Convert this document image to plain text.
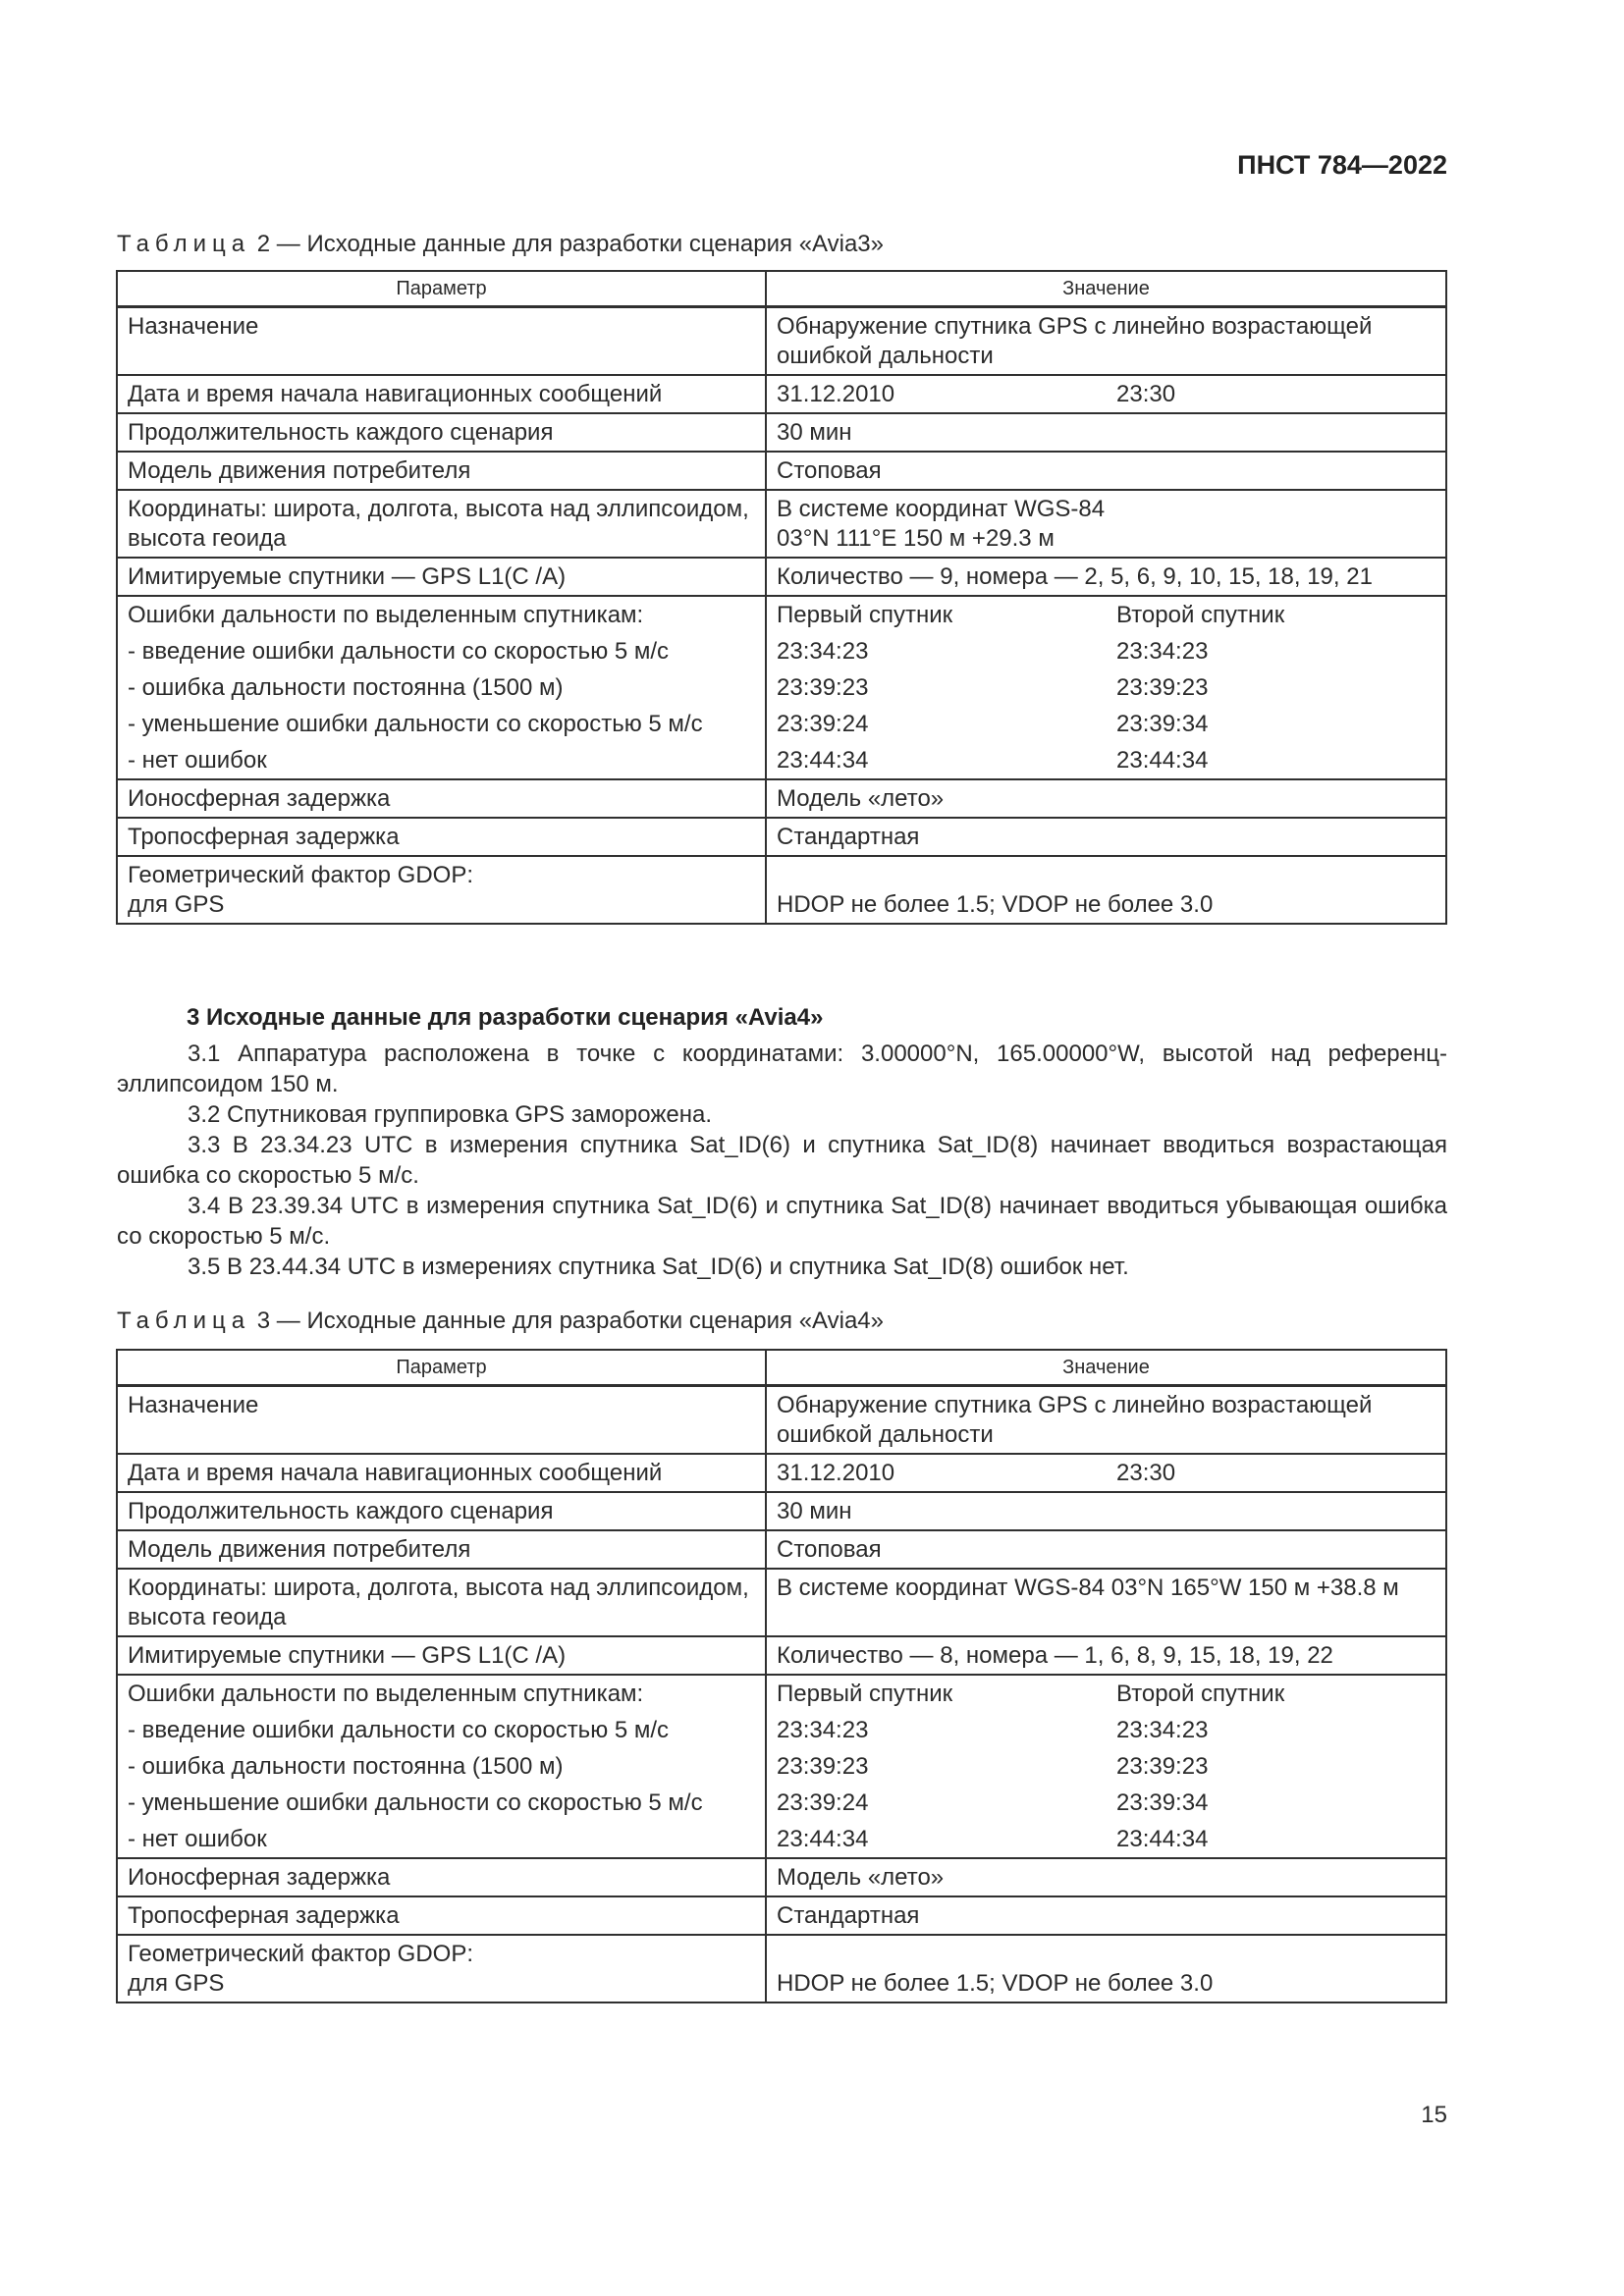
ПНСТ 784—2022
Таблица 2 — Исходные данные для разработки сценария «Avia3»
Параметр	Значение
Назначение	Обнаружение спутника GPS с линейно возрастающей ошибкой дальности
Дата и время начала навигационных сообщений	31.12.2010 23:30

Продолжительность каждого сценария	30 мин
Модель движения потребителя	Стоповая
Координаты: широта, долгота, высота над эллипсоидом, высота геоида	В системе координат WGS-84
03°N 111°E 150 м +29.3 м

Имитируемые спутники — GPS L1(C /A)	Количество — 9, номера — 2, 5, 6, 9, 10, 15, 18, 19, 21
Ошибки дальности по выделенным спутникам:	Первый спутник Второй спутник

- введение ошибки дальности со скоростью 5 м/с	23:34:23 23:34:23

- ошибка дальности постоянна (1500 м)	23:39:23 23:39:23

- уменьшение ошибки дальности со скоростью 5 м/с	23:39:24 23:39:34

- нет ошибок	23:44:34 23:44:34

Ионосферная задержка	Модель «лето»
Тропосферная задержка	Стандартная

Геометрический фактор GDOP:
для GPS	HDOP не более 1.5; VDOP не более 3.0
3 Исходные данные для разработки сценария «Avia4»
3.1 Аппаратура расположена в точке с координатами: 3.00000°N, 165.00000°W, высотой над референц-эллипсоидом 150 м.
3.2 Спутниковая группировка GPS заморожена.
3.3 В 23.34.23 UTC в измерения спутника Sat_ID(6) и спутника Sat_ID(8) начинает вводиться возрастающая ошибка со скоростью 5 м/с.
3.4 В 23.39.34 UTC в измерения спутника Sat_ID(6) и спутника Sat_ID(8) начинает вводиться убывающая ошибка со скоростью 5 м/с.
3.5 В 23.44.34 UTC в измерениях спутника Sat_ID(6) и спутника Sat_ID(8) ошибок нет.
Таблица 3 — Исходные данные для разработки сценария «Avia4»
Параметр	Значение
Назначение	Обнаружение спутника GPS с линейно возрастающей ошибкой дальности
Дата и время начала навигационных сообщений	31.12.2010 23:30

Продолжительность каждого сценария	30 мин
Модель движения потребителя	Стоповая
Координаты: широта, долгота, высота над эллипсоидом, высота геоида	В системе координат WGS-84 03°N 165°W 150 м +38.8 м
Имитируемые спутники — GPS L1(C /A)	Количество — 8, номера — 1, 6, 8, 9, 15, 18, 19, 22
Ошибки дальности по выделенным спутникам:	Первый спутник Второй спутник

- введение ошибки дальности со скоростью 5 м/с	23:34:23 23:34:23

- ошибка дальности постоянна (1500 м)	23:39:23 23:39:23

- уменьшение ошибки дальности со скоростью 5 м/с	23:39:24 23:39:34

- нет ошибок	23:44:34 23:44:34

Ионосферная задержка	Модель «лето»
Тропосферная задержка	Стандартная

Геометрический фактор GDOP:
для GPS	HDOP не более 1.5; VDOP не более 3.0
15
